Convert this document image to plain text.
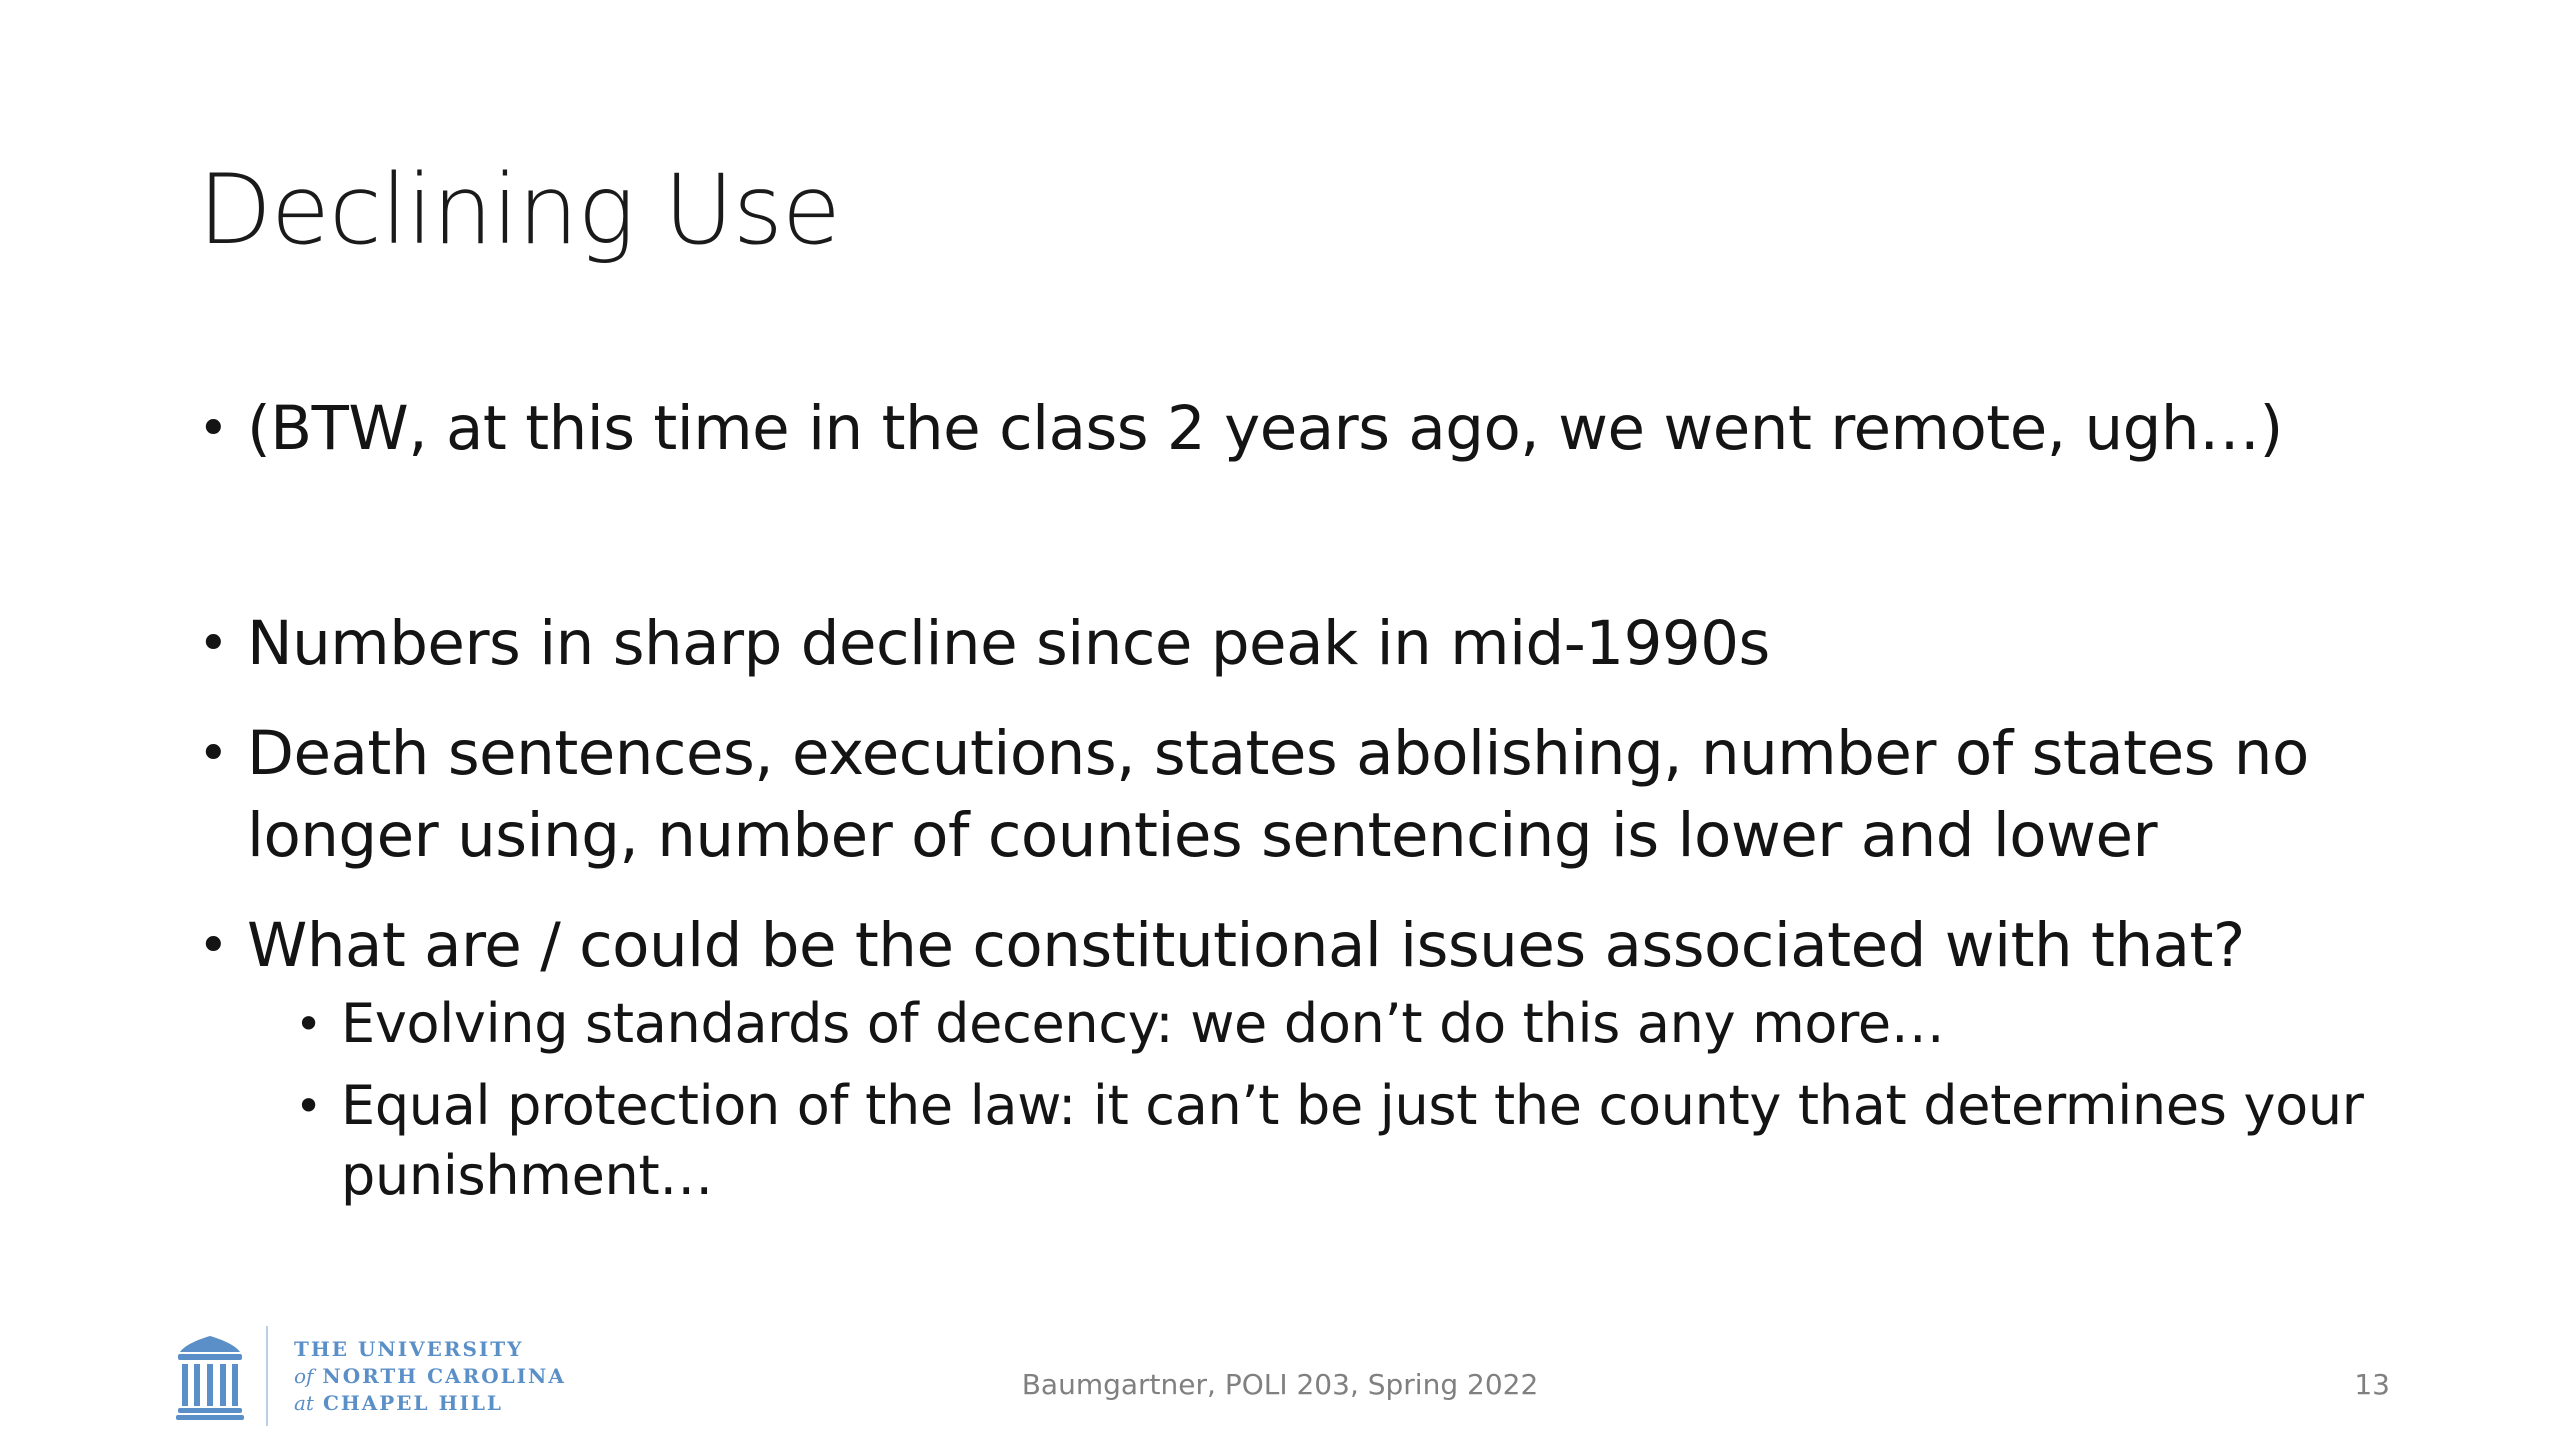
Declining Use
• (BTW, at this time in the class 2 years ago, we went remote, ugh…)
• Numbers in sharp decline since peak in mid-1990s
• Death sentences, executions, states abolishing, number of states no
longer using, number of counties sentencing is lower and lower
• What are / could be the constitutional issues associated with that?
• Evolving standards of decency: we don’t do this any more…
• Equal protection of the law: it can’t be just the county that determines your
punishment…
THE UNIVERSITY
of NORTH CAROLINA
at CHAPEL HILL
Baumgartner, POLI 203, Spring 2022	13
